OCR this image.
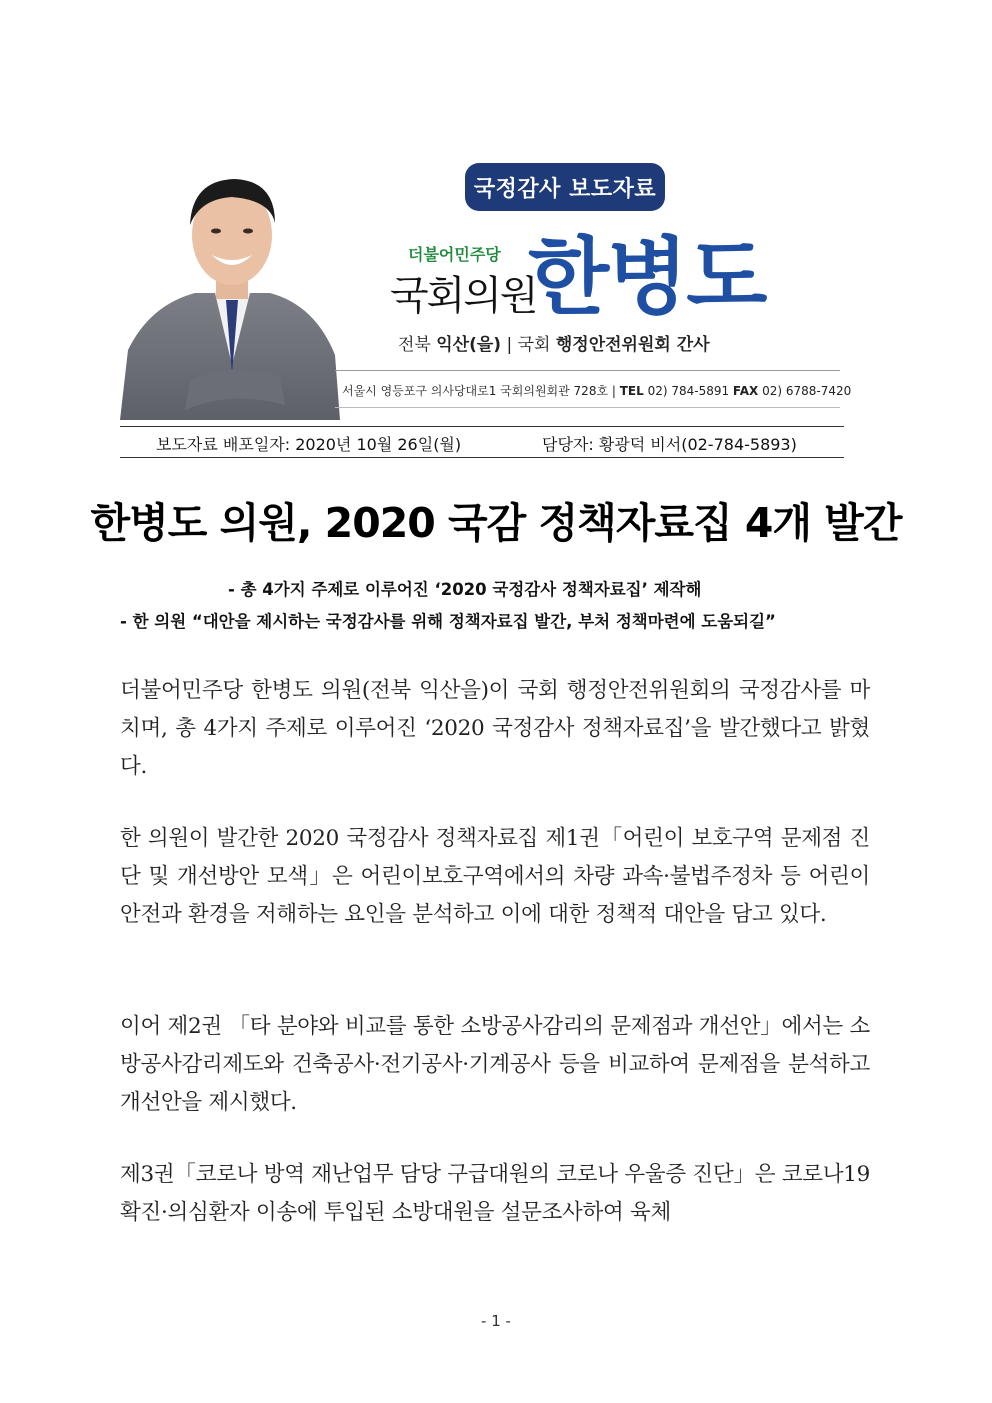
국정감사 보도자료
더불어민주당
국회의원
한병도
전북 익산(을) | 국회 행정안전위원회 간사
서울시 영등포구 의사당대로1 국회의원회관 728호 | TEL 02) 784-5891 FAX 02) 6788-7420
보도자료 배포일자: 2020년 10월 26일(월)	담당자: 황광덕 비서(02-784-5893)
한병도 의원, 2020 국감 정책자료집 4개 발간
- 총 4가지 주제로 이루어진 ‘2020 국정감사 정책자료집’ 제작해
- 한 의원 “대안을 제시하는 국정감사를 위해 정책자료집 발간, 부처 정책마련에 도움되길”
더불어민주당 한병도 의원(전북 익산을)이 국회 행정안전위원회의 국정감사를 마치며, 총 4가지 주제로 이루어진 ‘2020 국정감사 정책자료집’을 발간했다고 밝혔다.
한 의원이 발간한 2020 국정감사 정책자료집 제1권「어린이 보호구역 문제점 진단 및 개선방안 모색」은 어린이보호구역에서의 차량 과속·불법주정차 등 어린이 안전과 환경을 저해하는 요인을 분석하고 이에 대한 정책적 대안을 담고 있다.
이어 제2권 「타 분야와 비교를 통한 소방공사감리의 문제점과 개선안」에서는 소방공사감리제도와 건축공사·전기공사·기계공사 등을 비교하여 문제점을 분석하고 개선안을 제시했다.
제3권「코로나 방역 재난업무 담당 구급대원의 코로나 우울증 진단」은 코로나19 확진·의심환자 이송에 투입된 소방대원을 설문조사하여 육체
- 1 -
